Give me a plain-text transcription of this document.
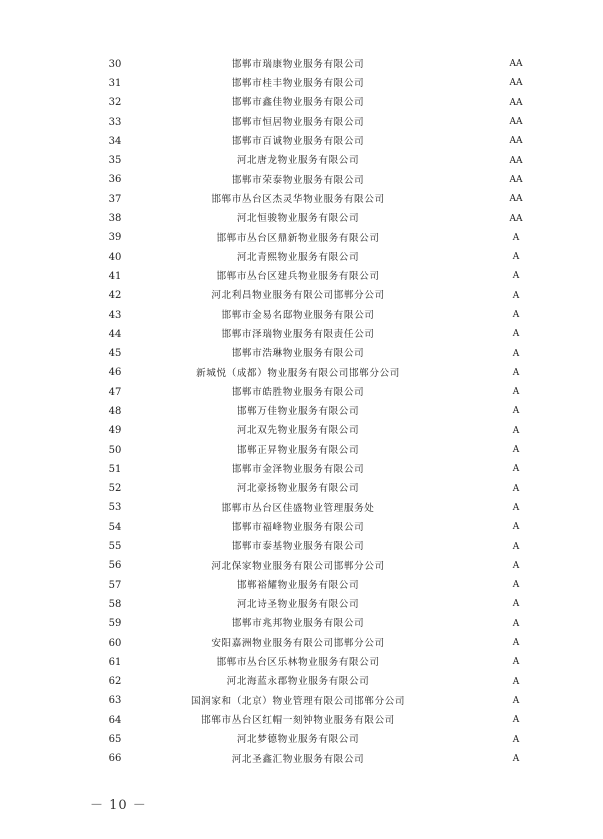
30	邯郸市瑞康物业服务有限公司	AA
31	邯郸市桂丰物业服务有限公司	AA
32	邯郸市鑫佳物业服务有限公司	AA
33	邯郸市恒居物业服务有限公司	AA
34	邯郸市百诚物业服务有限公司	AA
35	河北唐龙物业服务有限公司	AA
36	邯郸市荣泰物业服务有限公司	AA
37	邯郸市丛台区杰灵华物业服务有限公司	AA
38	河北恒骏物业服务有限公司	AA
39	邯郸市丛台区鼎新物业服务有限公司	A
40	河北青熙物业服务有限公司	A
41	邯郸市丛台区建兵物业服务有限公司	A
42	河北利昌物业服务有限公司邯郸分公司	A
43	邯郸市金易名邸物业服务有限公司	A
44	邯郸市泽瑞物业服务有限责任公司	A
45	邯郸市浩琳物业服务有限公司	A
46	新城悦（成都）物业服务有限公司邯郸分公司	A
47	邯郸市皓胜物业服务有限公司	A
48	邯郸万佳物业服务有限公司	A
49	河北双先物业服务有限公司	A
50	邯郸正昇物业服务有限公司	A
51	邯郸市金泽物业服务有限公司	A
52	河北豪扬物业服务有限公司	A
53	邯郸市丛台区佳盛物业管理服务处	A
54	邯郸市福峰物业服务有限公司	A
55	邯郸市泰基物业服务有限公司	A
56	河北保家物业服务有限公司邯郸分公司	A
57	邯郸裕耀物业服务有限公司	A
58	河北诗圣物业服务有限公司	A
59	邯郸市兆邦物业服务有限公司	A
60	安阳嘉洲物业服务有限公司邯郸分公司	A
61	邯郸市丛台区乐林物业服务有限公司	A
62	河北海蓝永郡物业服务有限公司	A
63	国润家和（北京）物业管理有限公司邯郸分公司	A
64	邯郸市丛台区红帽一刻钟物业服务有限公司	A
65	河北梦德物业服务有限公司	A
66	河北圣鑫汇物业服务有限公司	A
－ 10 －
